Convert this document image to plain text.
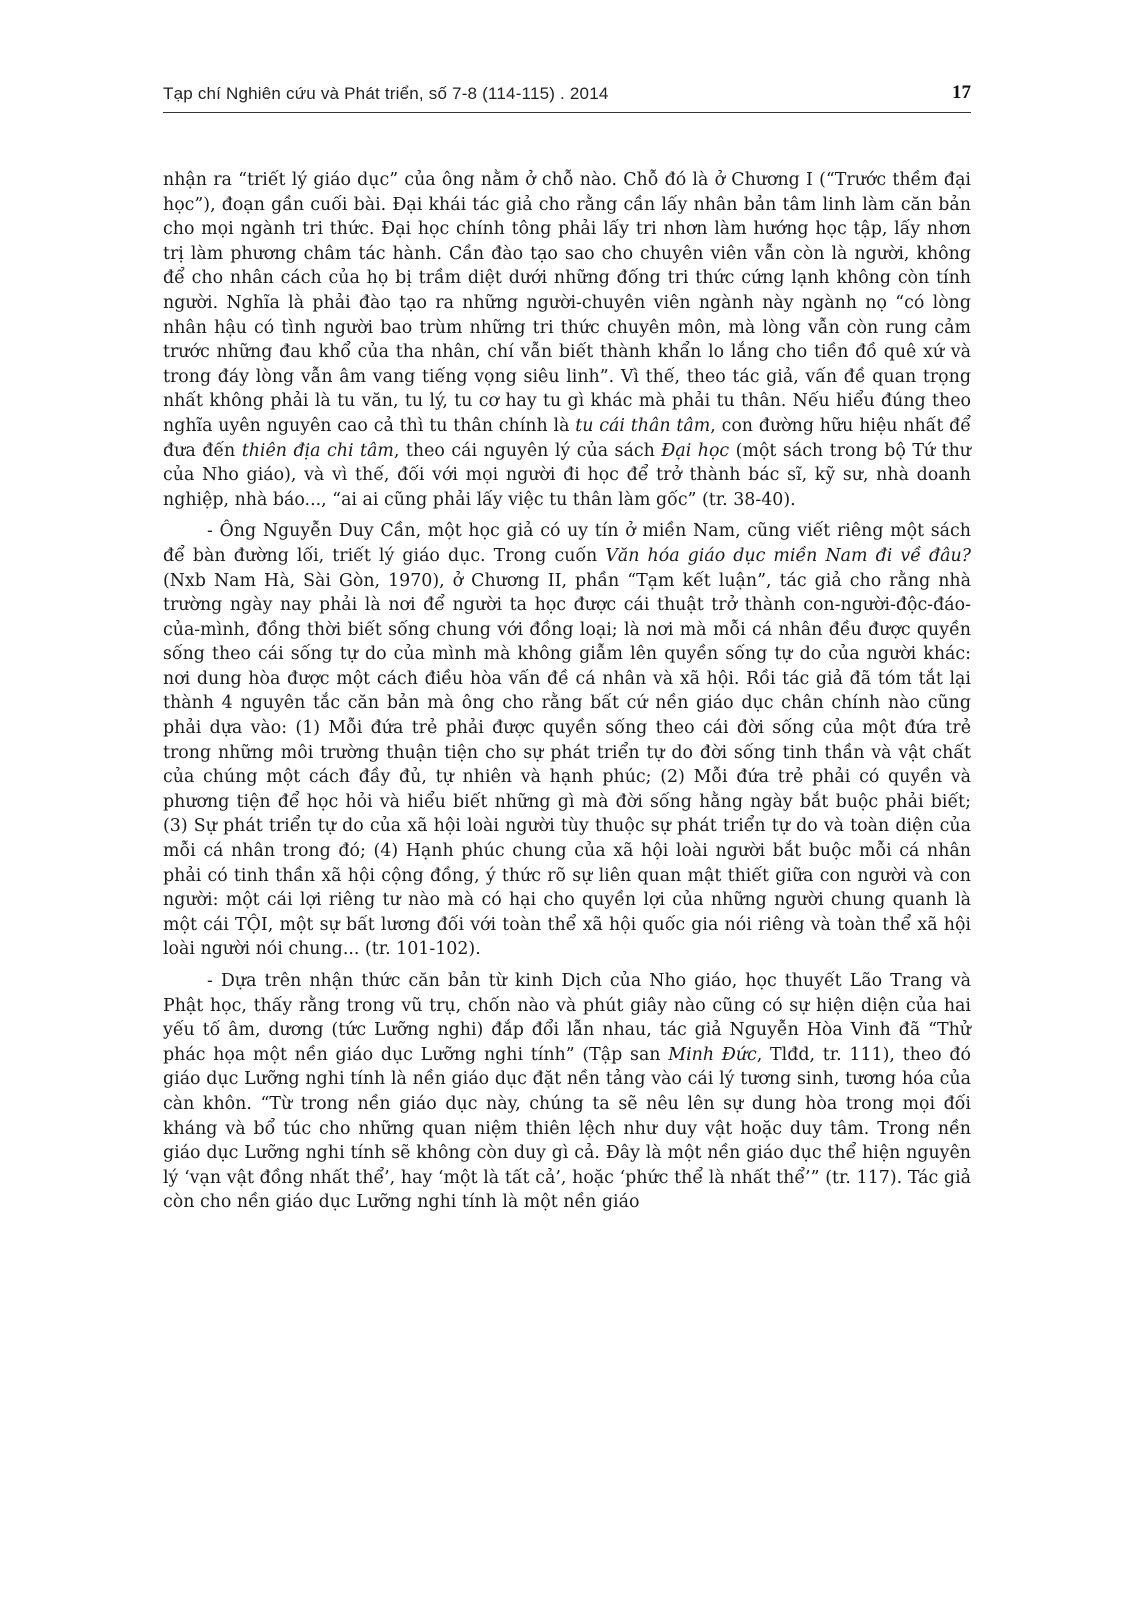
Tạp chí Nghiên cứu và Phát triển, số 7-8 (114-115) . 2014	17

nhận ra “triết lý giáo dục” của ông nằm ở chỗ nào. Chỗ đó là ở Chương I (“Trước thềm đại học”), đoạn gần cuối bài. Đại khái tác giả cho rằng cần lấy nhân bản tâm linh làm căn bản cho mọi ngành tri thức. Đại học chính tông phải lấy tri nhơn làm hướng học tập, lấy nhơn trị làm phương châm tác hành. Cần đào tạo sao cho chuyên viên vẫn còn là người, không để cho nhân cách của họ bị trầm diệt dưới những đống tri thức cứng lạnh không còn tính người. Nghĩa là phải đào tạo ra những người-chuyên viên ngành này ngành nọ “có lòng nhân hậu có tình người bao trùm những tri thức chuyên môn, mà lòng vẫn còn rung cảm trước những đau khổ của tha nhân, chí vẫn biết thành khẩn lo lắng cho tiền đồ quê xứ và trong đáy lòng vẫn âm vang tiếng vọng siêu linh”. Vì thế, theo tác giả, vấn đề quan trọng nhất không phải là tu văn, tu lý, tu cơ hay tu gì khác mà phải tu thân. Nếu hiểu đúng theo nghĩa uyên nguyên cao cả thì tu thân chính là tu cái thân tâm, con đường hữu hiệu nhất để đưa đến thiên địa chi tâm, theo cái nguyên lý của sách Đại học (một sách trong bộ Tứ thư của Nho giáo), và vì thế, đối với mọi người đi học để trở thành bác sĩ, kỹ sư, nhà doanh nghiệp, nhà báo..., “ai ai cũng phải lấy việc tu thân làm gốc” (tr. 38-40).

- Ông Nguyễn Duy Cần, một học giả có uy tín ở miền Nam, cũng viết riêng một sách để bàn đường lối, triết lý giáo dục. Trong cuốn Văn hóa giáo dục miền Nam đi về đâu? (Nxb Nam Hà, Sài Gòn, 1970), ở Chương II, phần “Tạm kết luận”, tác giả cho rằng nhà trường ngày nay phải là nơi để người ta học được cái thuật trở thành con-người-độc-đáo-của-mình, đồng thời biết sống chung với đồng loại; là nơi mà mỗi cá nhân đều được quyền sống theo cái sống tự do của mình mà không giẫm lên quyền sống tự do của người khác: nơi dung hòa được một cách điều hòa vấn đề cá nhân và xã hội. Rồi tác giả đã tóm tắt lại thành 4 nguyên tắc căn bản mà ông cho rằng bất cứ nền giáo dục chân chính nào cũng phải dựa vào: (1) Mỗi đứa trẻ phải được quyền sống theo cái đời sống của một đứa trẻ trong những môi trường thuận tiện cho sự phát triển tự do đời sống tinh thần và vật chất của chúng một cách đầy đủ, tự nhiên và hạnh phúc; (2) Mỗi đứa trẻ phải có quyền và phương tiện để học hỏi và hiểu biết những gì mà đời sống hằng ngày bắt buộc phải biết; (3) Sự phát triển tự do của xã hội loài người tùy thuộc sự phát triển tự do và toàn diện của mỗi cá nhân trong đó; (4) Hạnh phúc chung của xã hội loài người bắt buộc mỗi cá nhân phải có tinh thần xã hội cộng đồng, ý thức rõ sự liên quan mật thiết giữa con người và con người: một cái lợi riêng tư nào mà có hại cho quyền lợi của những người chung quanh là một cái TỘI, một sự bất lương đối với toàn thể xã hội quốc gia nói riêng và toàn thể xã hội loài người nói chung... (tr. 101-102).

- Dựa trên nhận thức căn bản từ kinh Dịch của Nho giáo, học thuyết Lão Trang và Phật học, thấy rằng trong vũ trụ, chốn nào và phút giây nào cũng có sự hiện diện của hai yếu tố âm, dương (tức Lưỡng nghi) đắp đổi lẫn nhau, tác giả Nguyễn Hòa Vinh đã “Thử phác họa một nền giáo dục Lưỡng nghi tính” (Tập san Minh Đức, Tlđd, tr. 111), theo đó giáo dục Lưỡng nghi tính là nền giáo dục đặt nền tảng vào cái lý tương sinh, tương hóa của càn khôn. “Từ trong nền giáo dục này, chúng ta sẽ nêu lên sự dung hòa trong mọi đối kháng và bổ túc cho những quan niệm thiên lệch như duy vật hoặc duy tâm. Trong nền giáo dục Lưỡng nghi tính sẽ không còn duy gì cả. Đây là một nền giáo dục thể hiện nguyên lý ‘vạn vật đồng nhất thể’, hay ‘một là tất cả’, hoặc ‘phức thể là nhất thể’” (tr. 117). Tác giả còn cho nền giáo dục Lưỡng nghi tính là một nền giáo
